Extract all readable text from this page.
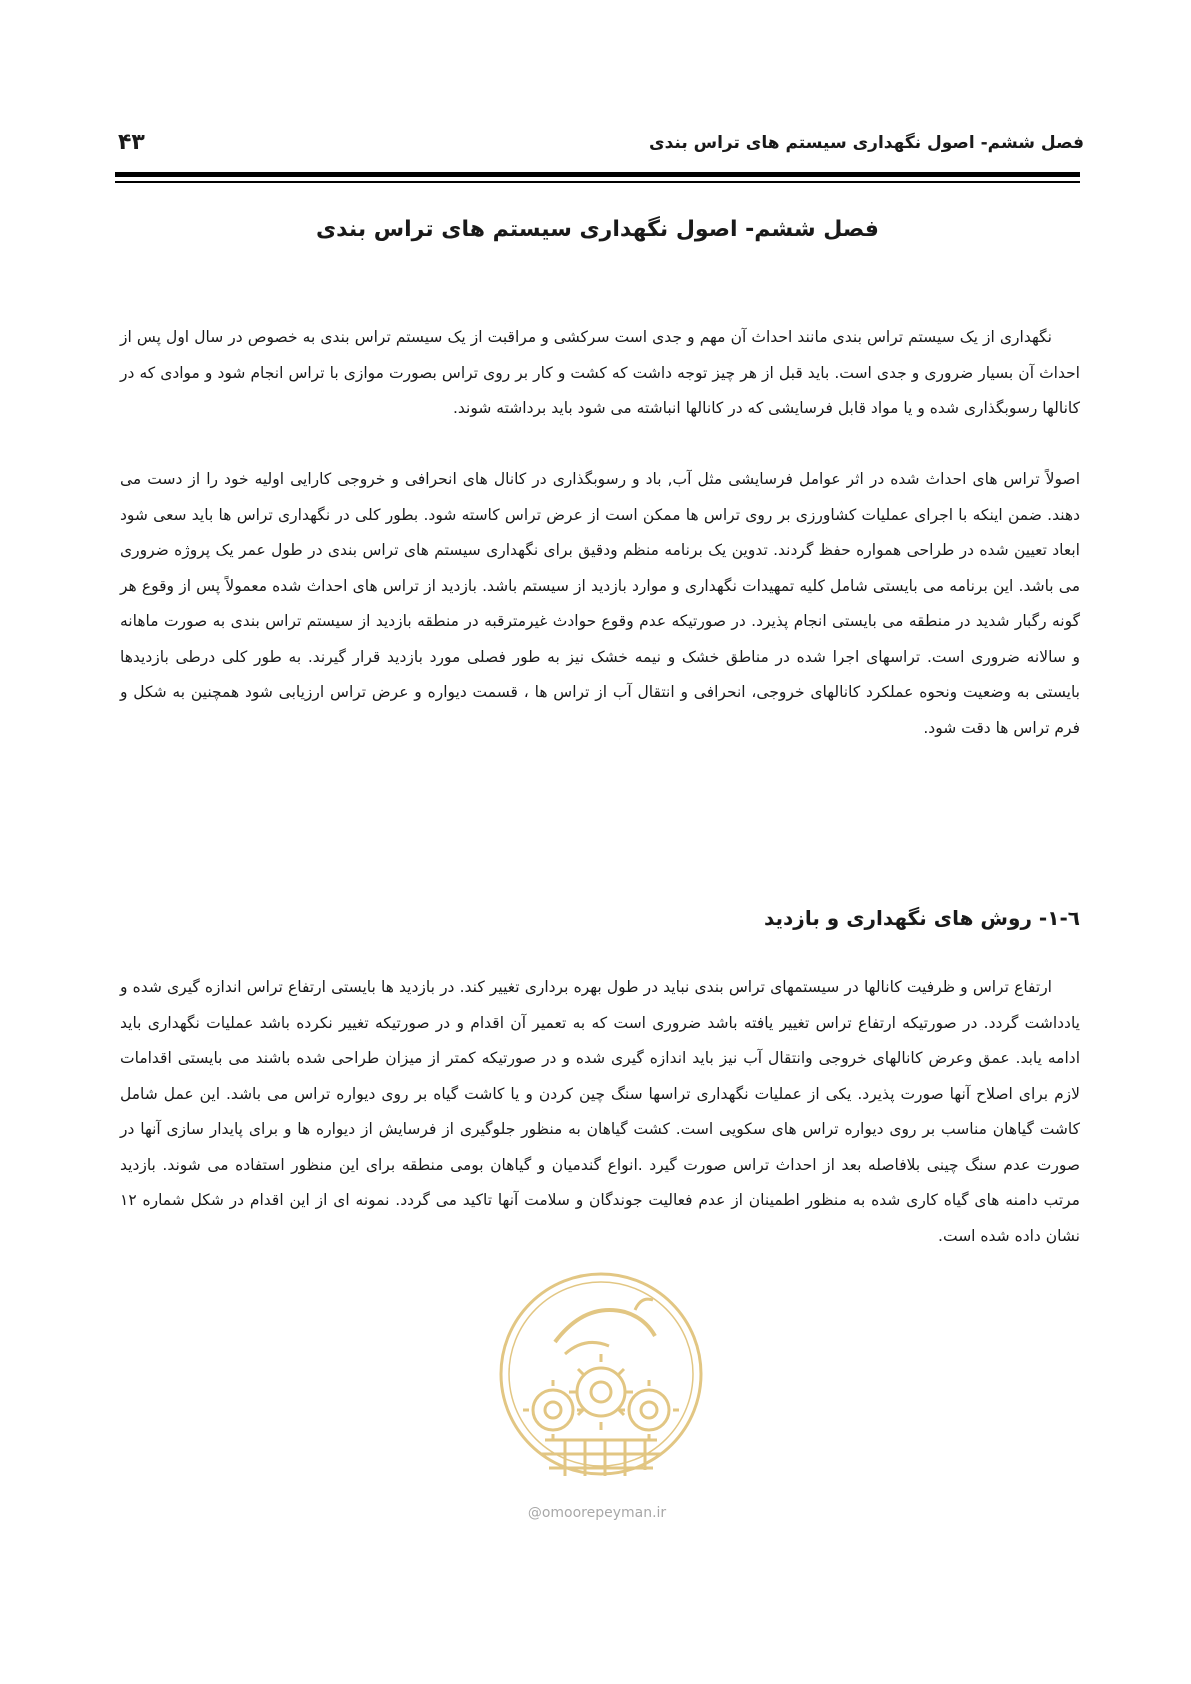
فصل ششم- اصول نگهداری سیستم های تراس بندی
۴۳
فصل ششم- اصول نگهداری سیستم های تراس بندی

نگهداری از یک سیستم تراس بندی مانند احداث آن مهم و جدی است سرکشی و مراقبت از یک سیستم تراس بندی به خصوص در سال اول پس از احداث آن بسیار ضروری و جدی است. باید قبل از هر چیز توجه داشت که کشت و کار بر روی تراس بصورت موازی با تراس انجام شود و موادی که در کانالها رسوبگذاری شده و یا مواد قابل فرسایشی که در کانالها انباشته می شود باید برداشته شوند.

اصولاً تراس های احداث شده در اثر عوامل فرسایشی مثل آب, باد و رسوبگذاری در کانال های انحرافی و خروجی کارایی اولیه خود را از دست می دهند. ضمن اینکه با اجرای عملیات کشاورزی بر روی تراس ها ممکن است از عرض تراس کاسته شود. بطور کلی در نگهداری تراس ها باید سعی شود ابعاد تعیین شده در طراحی همواره حفظ گردند. تدوین یک برنامه منظم ودقیق برای نگهداری سیستم های تراس بندی در طول عمر یک پروژه ضروری می باشد. این برنامه می بایستی شامل کلیه تمهیدات نگهداری و موارد بازدید از سیستم باشد. بازدید از تراس های احداث شده معمولاً پس از وقوع هر گونه رگبار شدید در منطقه می بایستی انجام پذیرد. در صورتیکه عدم وقوع حوادث غیرمترقبه در منطقه بازدید از سیستم تراس بندی به صورت ماهانه و سالانه ضروری است. تراسهای اجرا شده در مناطق خشک و نیمه خشک نیز به طور فصلی مورد بازدید قرار گیرند. به طور کلی درطی بازدیدها بایستی به وضعیت ونحوه عملکرد کانالهای خروجی، انحرافی و انتقال آب از تراس ها ، قسمت دیواره و عرض تراس ارزیابی شود همچنین به شکل و فرم تراس ها دقت شود.

٦-۱- روش های نگهداری و بازدید

ارتفاع تراس و ظرفیت کانالها در سیستمهای تراس بندی نباید در طول بهره برداری تغییر کند. در بازدید ها بایستی ارتفاع تراس اندازه گیری شده و یادداشت گردد. در صورتیکه ارتفاع تراس تغییر یافته باشد ضروری است که به تعمیر آن اقدام و در صورتیکه تغییر نکرده باشد عملیات نگهداری باید ادامه یابد. عمق وعرض کانالهای خروجی وانتقال آب نیز باید اندازه گیری شده و در صورتیکه کمتر از میزان طراحی شده باشند می بایستی اقدامات لازم برای اصلاح آنها صورت پذیرد. یکی از عملیات نگهداری تراسها سنگ چین کردن و یا کاشت گیاه بر روی دیواره تراس می باشد. این عمل شامل کاشت گیاهان مناسب بر روی دیواره تراس های سکویی است. کشت گیاهان به منظور جلوگیری از فرسایش از دیواره ها و برای پایدار سازی آنها در صورت عدم سنگ چینی بلافاصله بعد از احداث تراس صورت گیرد .انواع گندمیان و گیاهان بومی منطقه برای این منظور استفاده می شوند. بازدید مرتب دامنه های گیاه کاری شده به منظور اطمینان از عدم فعالیت جوندگان و سلامت آنها تاکید می گردد. نمونه ای از این اقدام در شکل شماره ۱۲ نشان داده شده است.

@omoorepeyman.ir
